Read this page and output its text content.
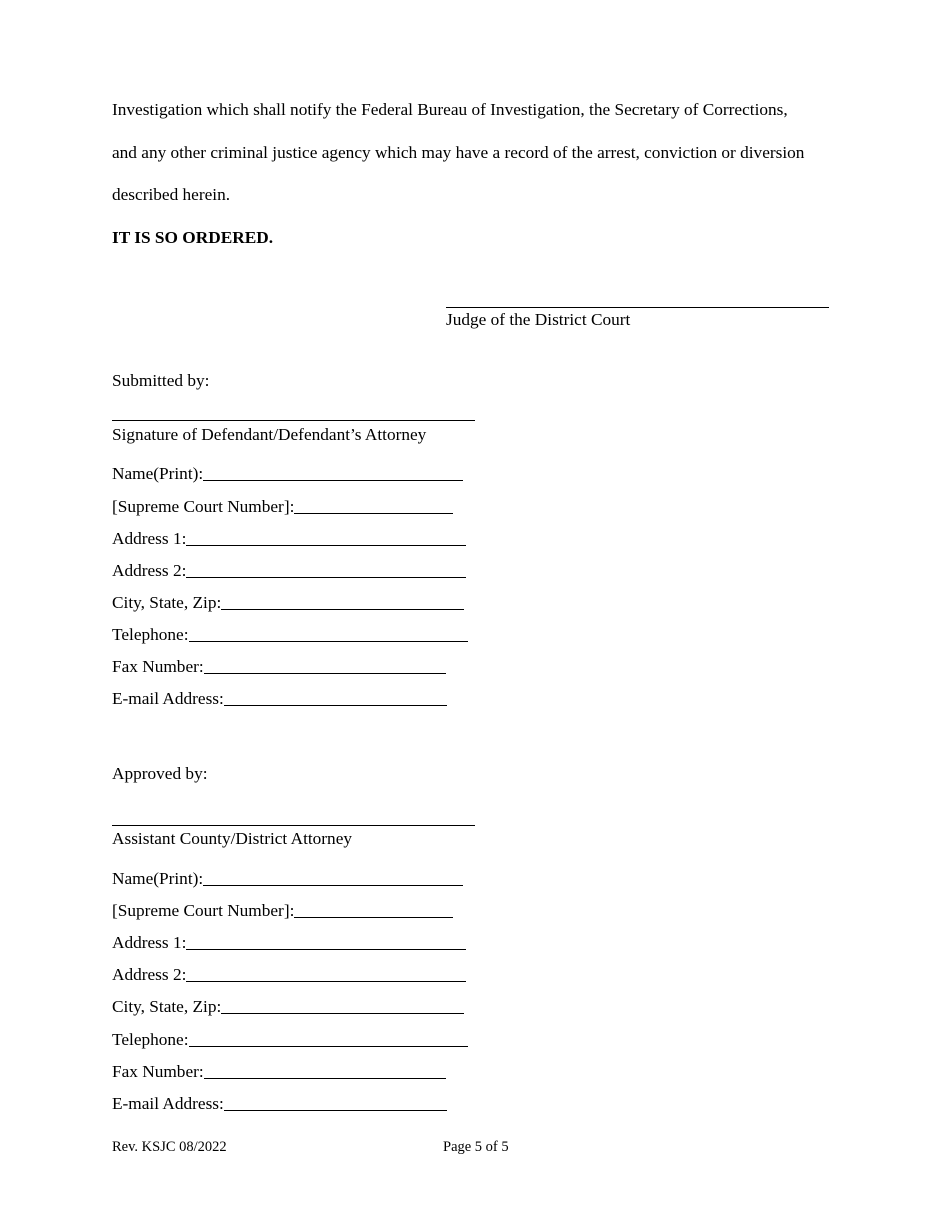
Investigation which shall notify the Federal Bureau of Investigation, the Secretary of Corrections,
and any other criminal justice agency which may have a record of the arrest, conviction or diversion
described herein.
IT IS SO ORDERED.
Judge of the District Court
Submitted by:
Signature of Defendant/Defendant’s Attorney
Name(Print):
[Supreme Court Number]:
Address 1:
Address 2:
City, State, Zip:
Telephone:
Fax Number:
E-mail Address:
Approved by:
Assistant County/District Attorney
Name(Print):
[Supreme Court Number]:
Address 1:
Address 2:
City, State, Zip:
Telephone:
Fax Number:
E-mail Address:
Rev. KSJC 08/2022	Page 5 of 5
